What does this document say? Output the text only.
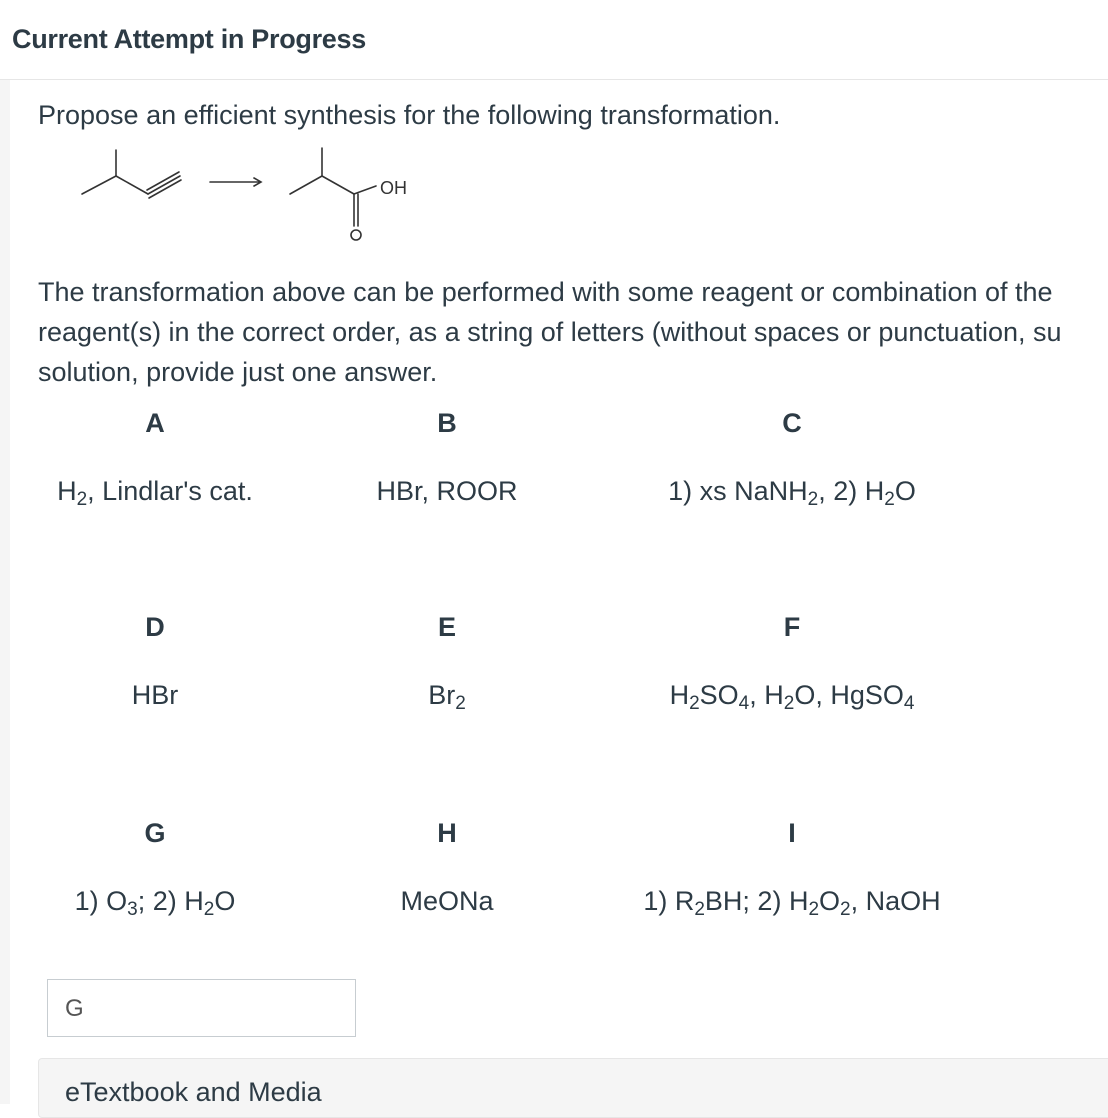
Current Attempt in Progress
Propose an efficient synthesis for the following transformation.
OH
The transformation above can be performed with some reagent or combination of the
reagent(s) in the correct order, as a string of letters (without spaces or punctuation, su
solution, provide just one answer.
A
$H_2$, Lindlar's cat.
B
HBr, ROOR
C
1) xs NaNH$_2$, 2) $H_2O$
D
HBr
E
$Br_2$
F
$H_2SO_4$, $H_2O$, HgSO$_4$
G
1) $O_3$; 2) $H_2O$
H
MeONa
I
1) $R_2BH$; 2) $H_2O_2$, NaOH
G
eTextbook and Media
